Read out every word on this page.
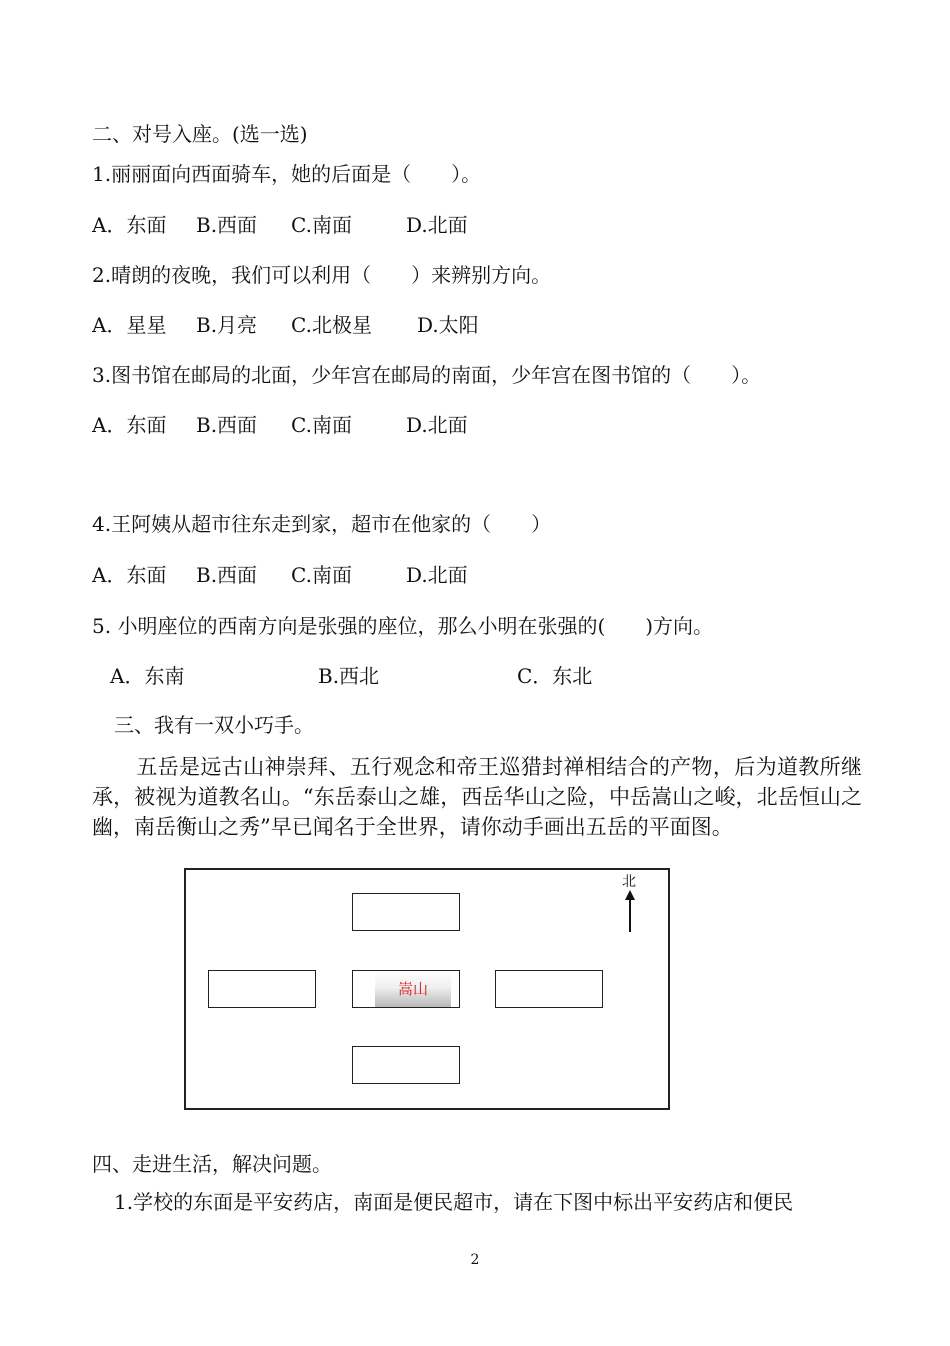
二、对号入座。(选一选)
1.丽丽面向西面骑车，她的后面是（　　）。
A．东面 B.西面 C.南面	D.北面
2.晴朗的夜晚，我们可以利用（　　）来辨别方向。
A．星星 B.月亮 C.北极星 D.太阳
3.图书馆在邮局的北面，少年宫在邮局的南面，少年宫在图书馆的（　　）。
A．东面 B.西面 C.南面	D.北面
4.王阿姨从超市往东走到家，超市在他家的（　　）
A．东面 B.西面 C.南面	D.北面
5. 小明座位的西南方向是张强的座位，那么小明在张强的(　　)方向。
A．东南	B.西北	C．东北
三、我有一双小巧手。
五岳是远古山神崇拜、五行观念和帝王巡猎封禅相结合的产物，后为道教所继承，被视为道教名山。“东岳泰山之雄，西岳华山之险，中岳嵩山之峻，北岳恒山之幽，南岳衡山之秀”早已闻名于全世界，请你动手画出五岳的平面图。
嵩山
北
四、走进生活，解决问题。
1.学校的东面是平安药店，南面是便民超市，请在下图中标出平安药店和便民
2
